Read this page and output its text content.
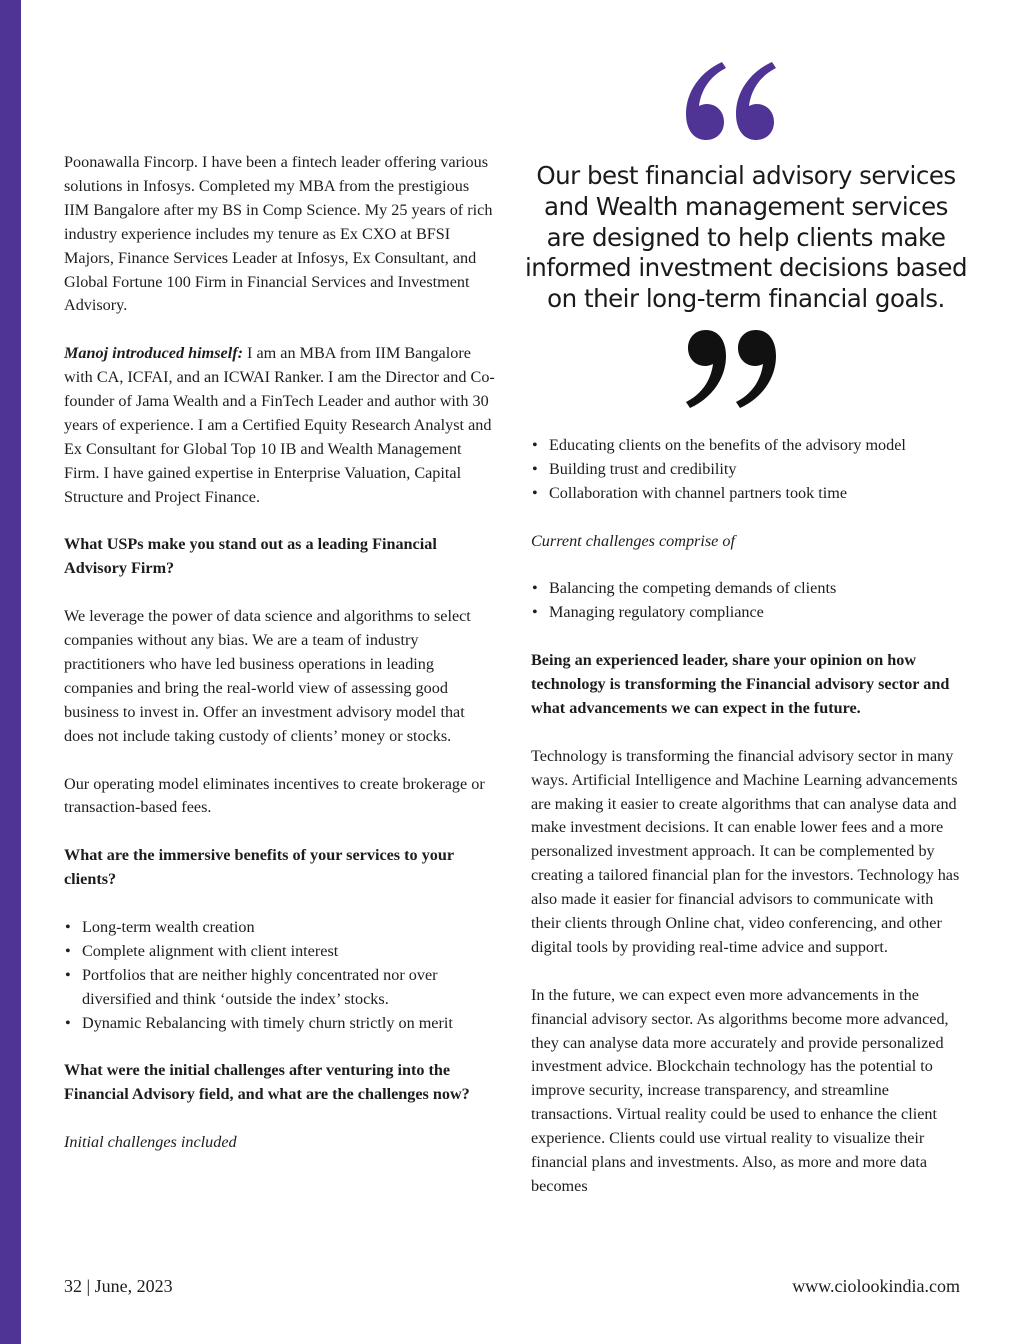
Poonawalla Fincorp. I have been a fintech leader offering various solutions in Infosys. Completed my MBA from the prestigious IIM Bangalore after my BS in Comp Science. My 25 years of rich industry experience includes my tenure as Ex CXO at BFSI Majors, Finance Services Leader at Infosys, Ex Consultant, and Global Fortune 100 Firm in Financial Services and Investment Advisory.

Manoj introduced himself: I am an MBA from IIM Bangalore with CA, ICFAI, and an ICWAI Ranker. I am the Director and Co-founder of Jama Wealth and a FinTech Leader and author with 30 years of experience. I am a Certified Equity Research Analyst and Ex Consultant for Global Top 10 IB and Wealth Management Firm. I have gained expertise in Enterprise Valuation, Capital Structure and Project Finance.

What USPs make you stand out as a leading Financial Advisory Firm?

We leverage the power of data science and algorithms to select companies without any bias. We are a team of industry practitioners who have led business operations in leading companies and bring the real-world view of assessing good business to invest in. Offer an investment advisory model that does not include taking custody of clients’ money or stocks.

Our operating model eliminates incentives to create brokerage or transaction-based fees.

What are the immersive benefits of your services to your clients?

• Long-term wealth creation
• Complete alignment with client interest
• Portfolios that are neither highly concentrated nor over diversified and think ‘outside the index’ stocks.
• Dynamic Rebalancing with timely churn strictly on merit

What were the initial challenges after venturing into the Financial Advisory field, and what are the challenges now?

Initial challenges included

Our best financial advisory services and Wealth management services are designed to help clients make informed investment decisions based on their long-term financial goals.
• Educating clients on the benefits of the advisory model
• Building trust and credibility
• Collaboration with channel partners took time

Current challenges comprise of

• Balancing the competing demands of clients
• Managing regulatory compliance

Being an experienced leader, share your opinion on how technology is transforming the Financial advisory sector and what advancements we can expect in the future.

Technology is transforming the financial advisory sector in many ways. Artificial Intelligence and Machine Learning advancements are making it easier to create algorithms that can analyse data and make investment decisions. It can enable lower fees and a more personalized investment approach. It can be complemented by creating a tailored financial plan for the investors. Technology has also made it easier for financial advisors to communicate with their clients through Online chat, video conferencing, and other digital tools by providing real-time advice and support.

In the future, we can expect even more advancements in the financial advisory sector. As algorithms become more advanced, they can analyse data more accurately and provide personalized investment advice. Blockchain technology has the potential to improve security, increase transparency, and streamline transactions. Virtual reality could be used to enhance the client experience. Clients could use virtual reality to visualize their financial plans and investments. Also, as more and more data becomes

32 | June, 2023	www.ciolookindia.com
